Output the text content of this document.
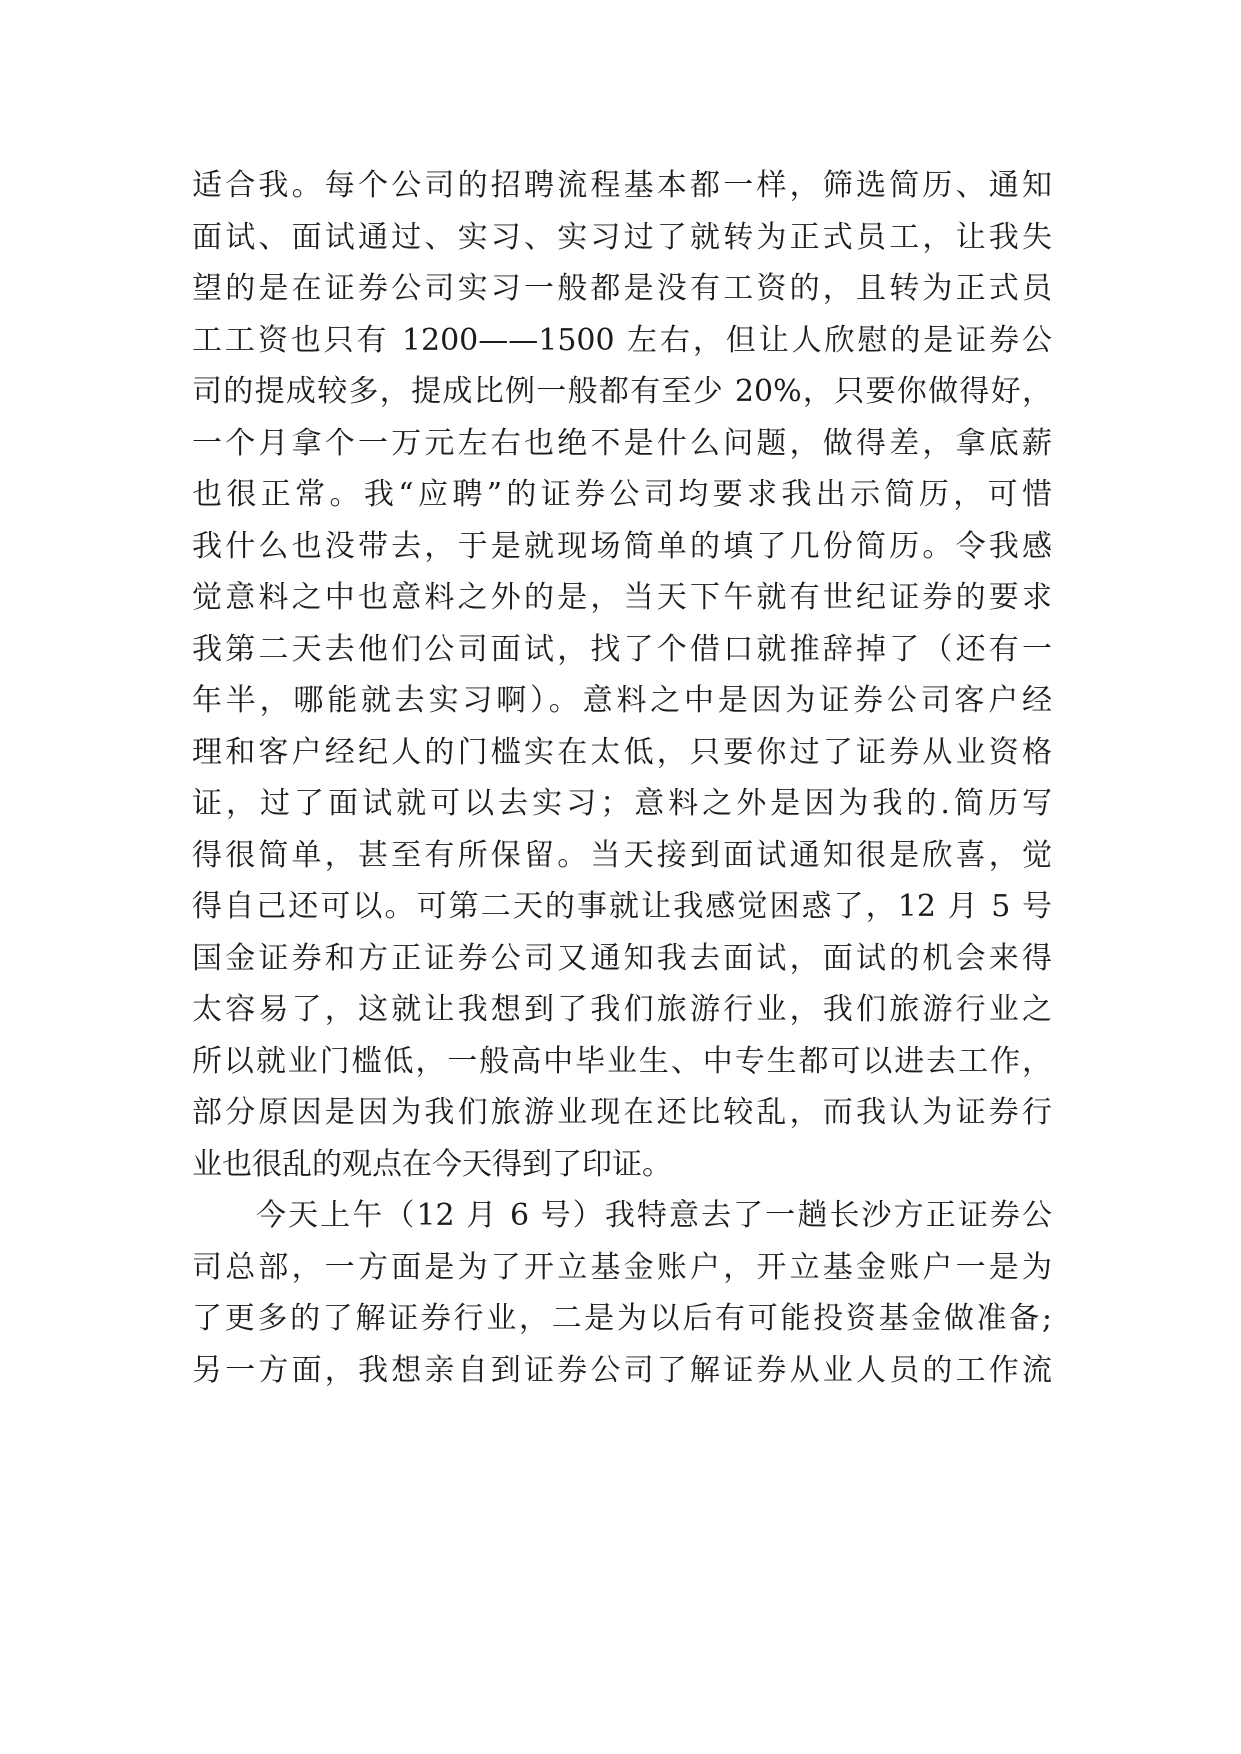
适合我。每个公司的招聘流程基本都一样，筛选简历、通知
面试、面试通过、实习、实习过了就转为正式员工，让我失
望的是在证券公司实习一般都是没有工资的，且转为正式员
工工资也只有 1200——1500 左右，但让人欣慰的是证券公
司的提成较多，提成比例一般都有至少 20%，只要你做得好，
一个月拿个一万元左右也绝不是什么问题，做得差，拿底薪
也很正常。我“应聘”的证券公司均要求我出示简历，可惜
我什么也没带去，于是就现场简单的填了几份简历。令我感
觉意料之中也意料之外的是，当天下午就有世纪证券的要求
我第二天去他们公司面试，找了个借口就推辞掉了（还有一
年半，哪能就去实习啊）。意料之中是因为证券公司客户经
理和客户经纪人的门槛实在太低，只要你过了证券从业资格
证，过了面试就可以去实习；意料之外是因为我的.简历写
得很简单，甚至有所保留。当天接到面试通知很是欣喜，觉
得自己还可以。可第二天的事就让我感觉困惑了，12 月 5 号
国金证券和方正证券公司又通知我去面试，面试的机会来得
太容易了，这就让我想到了我们旅游行业，我们旅游行业之
所以就业门槛低，一般高中毕业生、中专生都可以进去工作，
部分原因是因为我们旅游业现在还比较乱，而我认为证券行
业也很乱的观点在今天得到了印证。
今天上午（12 月 6 号）我特意去了一趟长沙方正证券公
司总部，一方面是为了开立基金账户，开立基金账户一是为
了更多的了解证券行业，二是为以后有可能投资基金做准备;
另一方面，我想亲自到证券公司了解证券从业人员的工作流
